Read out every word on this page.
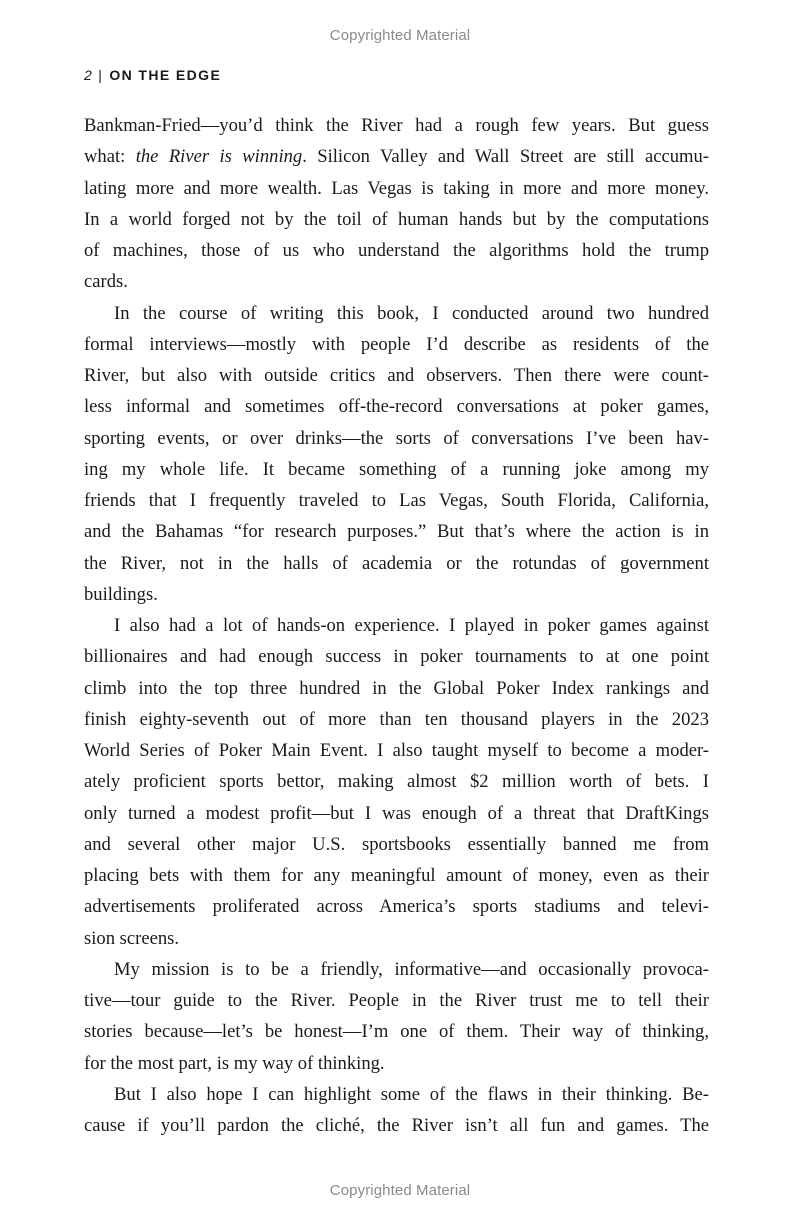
Copyrighted Material
2 | ON THE EDGE
Bankman-Fried—you’d think the River had a rough few years. But guess
what: the River is winning. Silicon Valley and Wall Street are still accumu-
lating more and more wealth. Las Vegas is taking in more and more money.
In a world forged not by the toil of human hands but by the computations
of machines, those of us who understand the algorithms hold the trump
cards.
In the course of writing this book, I conducted around two hundred
formal interviews—mostly with people I’d describe as residents of the
River, but also with outside critics and observers. Then there were count-
less informal and sometimes off-the-record conversations at poker games,
sporting events, or over drinks—the sorts of conversations I’ve been hav-
ing my whole life. It became something of a running joke among my
friends that I frequently traveled to Las Vegas, South Florida, California,
and the Bahamas “for research purposes.” But that’s where the action is in
the River, not in the halls of academia or the rotundas of government
buildings.
I also had a lot of hands-on experience. I played in poker games against
billionaires and had enough success in poker tournaments to at one point
climb into the top three hundred in the Global Poker Index rankings and
finish eighty-seventh out of more than ten thousand players in the 2023
World Series of Poker Main Event. I also taught myself to become a moder-
ately proficient sports bettor, making almost $2 million worth of bets. I
only turned a modest profit—but I was enough of a threat that DraftKings
and several other major U.S. sportsbooks essentially banned me from
placing bets with them for any meaningful amount of money, even as their
advertisements proliferated across America’s sports stadiums and televi-
sion screens.
My mission is to be a friendly, informative—and occasionally provoca-
tive—tour guide to the River. People in the River trust me to tell their
stories because—let’s be honest—I’m one of them. Their way of thinking,
for the most part, is my way of thinking.
But I also hope I can highlight some of the flaws in their thinking. Be-
cause if you’ll pardon the cliché, the River isn’t all fun and games. The
Copyrighted Material
